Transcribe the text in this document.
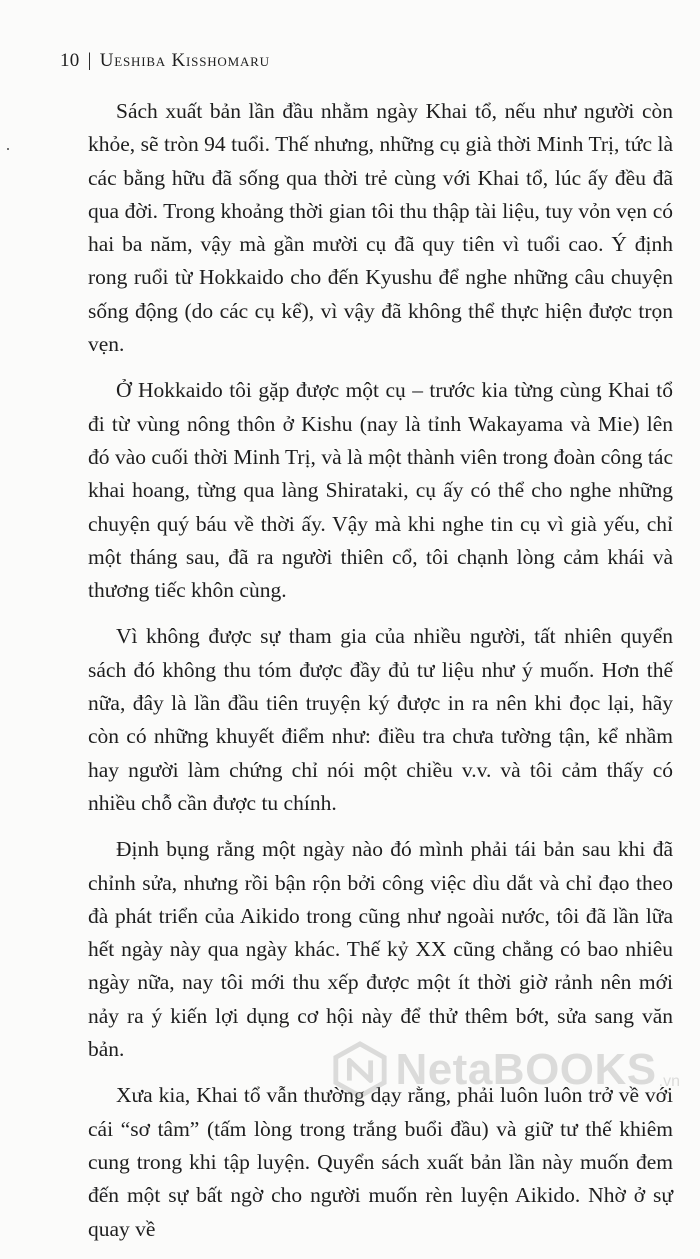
10 | Ueshiba Kisshomaru

Sách xuất bản lần đầu nhằm ngày Khai tổ, nếu như người còn khỏe, sẽ tròn 94 tuổi. Thế nhưng, những cụ già thời Minh Trị, tức là các bằng hữu đã sống qua thời trẻ cùng với Khai tổ, lúc ấy đều đã qua đời. Trong khoảng thời gian tôi thu thập tài liệu, tuy vỏn vẹn có hai ba năm, vậy mà gần mười cụ đã quy tiên vì tuổi cao. Ý định rong ruổi từ Hokkaido cho đến Kyushu để nghe những câu chuyện sống động (do các cụ kể), vì vậy đã không thể thực hiện được trọn vẹn.

Ở Hokkaido tôi gặp được một cụ – trước kia từng cùng Khai tổ đi từ vùng nông thôn ở Kishu (nay là tỉnh Wakayama và Mie) lên đó vào cuối thời Minh Trị, và là một thành viên trong đoàn công tác khai hoang, từng qua làng Shirataki, cụ ấy có thể cho nghe những chuyện quý báu về thời ấy. Vậy mà khi nghe tin cụ vì già yếu, chỉ một tháng sau, đã ra người thiên cổ, tôi chạnh lòng cảm khái và thương tiếc khôn cùng.

Vì không được sự tham gia của nhiều người, tất nhiên quyển sách đó không thu tóm được đầy đủ tư liệu như ý muốn. Hơn thế nữa, đây là lần đầu tiên truyện ký được in ra nên khi đọc lại, hãy còn có những khuyết điểm như: điều tra chưa tường tận, kể nhầm hay người làm chứng chỉ nói một chiều v.v. và tôi cảm thấy có nhiều chỗ cần được tu chính.

Định bụng rằng một ngày nào đó mình phải tái bản sau khi đã chỉnh sửa, nhưng rồi bận rộn bởi công việc dìu dắt và chỉ đạo theo đà phát triển của Aikido trong cũng như ngoài nước, tôi đã lần lữa hết ngày này qua ngày khác. Thế kỷ XX cũng chẳng có bao nhiêu ngày nữa, nay tôi mới thu xếp được một ít thời giờ rảnh nên mới nảy ra ý kiến lợi dụng cơ hội này để thử thêm bớt, sửa sang văn bản.

Xưa kia, Khai tổ vẫn thường dạy rằng, phải luôn luôn trở về với cái “sơ tâm” (tấm lòng trong trắng buổi đầu) và giữ tư thế khiêm cung trong khi tập luyện. Quyển sách xuất bản lần này muốn đem đến một sự bất ngờ cho người muốn rèn luyện Aikido. Nhờ ở sự quay về

NetaBOOKS .vn
